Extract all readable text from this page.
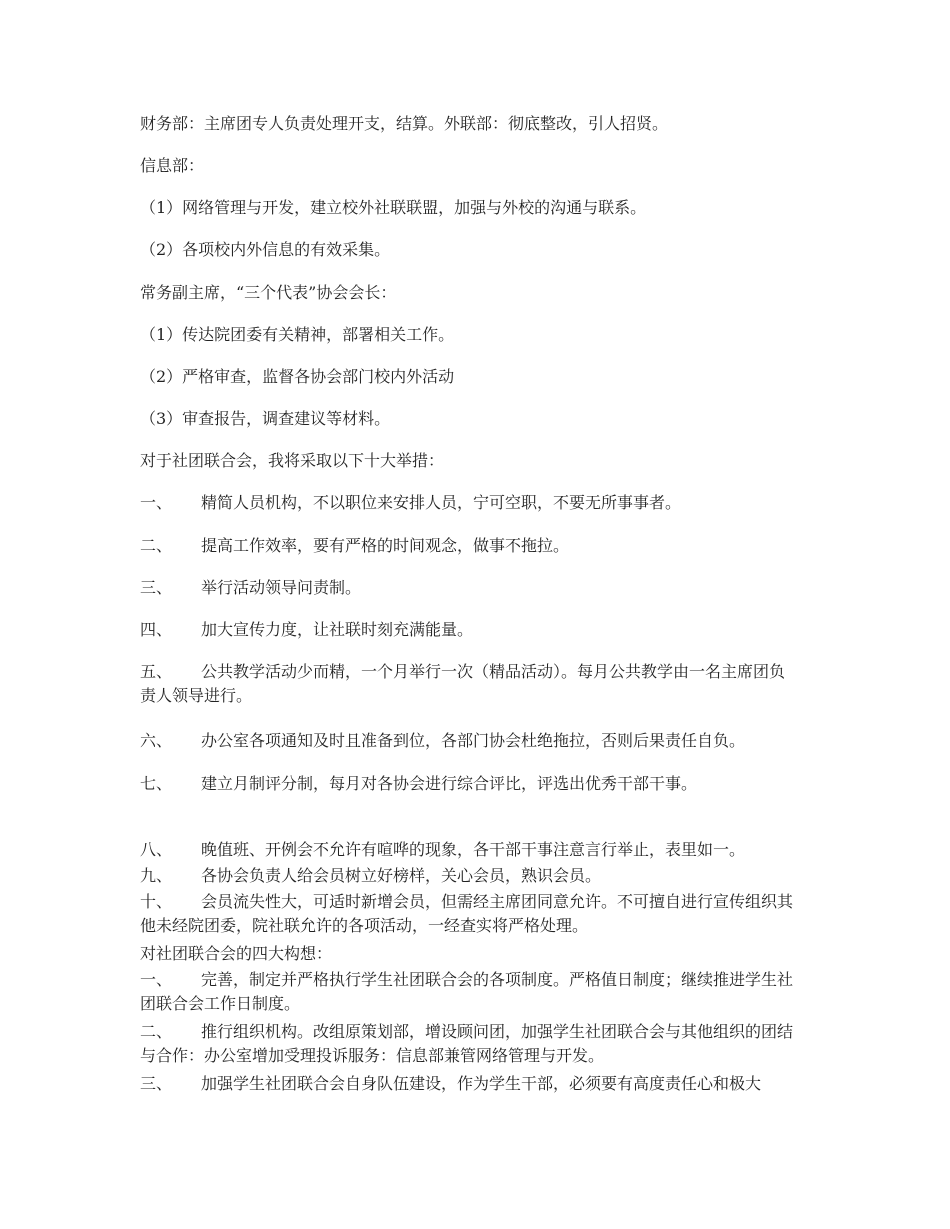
财务部：主席团专人负责处理开支，结算。外联部：彻底整改，引人招贤。
信息部：
（1）网络管理与开发，建立校外社联联盟，加强与外校的沟通与联系。
（2）各项校内外信息的有效采集。
常务副主席，“三个代表”协会会长：
（1）传达院团委有关精神，部署相关工作。
（2）严格审查，监督各协会部门校内外活动
（3）审查报告，调查建议等材料。
对于社团联合会，我将采取以下十大举措：
一、 精简人员机构，不以职位来安排人员，宁可空职，不要无所事事者。
二、 提高工作效率，要有严格的时间观念，做事不拖拉。
三、 举行活动领导问责制。
四、 加大宣传力度，让社联时刻充满能量。
五、 公共教学活动少而精，一个月举行一次（精品活动）。每月公共教学由一名主席团负责人领导进行。
六、 办公室各项通知及时且准备到位，各部门协会杜绝拖拉，否则后果责任自负。
七、 建立月制评分制，每月对各协会进行综合评比，评选出优秀干部干事。
八、 晚值班、开例会不允许有喧哗的现象，各干部干事注意言行举止，表里如一。
九、 各协会负责人给会员树立好榜样，关心会员，熟识会员。
十、 会员流失性大，可适时新增会员，但需经主席团同意允许。不可擅自进行宣传组织其他未经院团委，院社联允许的各项活动，一经查实将严格处理。
对社团联合会的四大构想：
一、 完善，制定并严格执行学生社团联合会的各项制度。严格值日制度；继续推进学生社团联合会工作日制度。
二、 推行组织机构。改组原策划部，增设顾问团，加强学生社团联合会与其他组织的团结与合作：办公室增加受理投诉服务：信息部兼管网络管理与开发。
三、 加强学生社团联合会自身队伍建设，作为学生干部，必须要有高度责任心和极大
